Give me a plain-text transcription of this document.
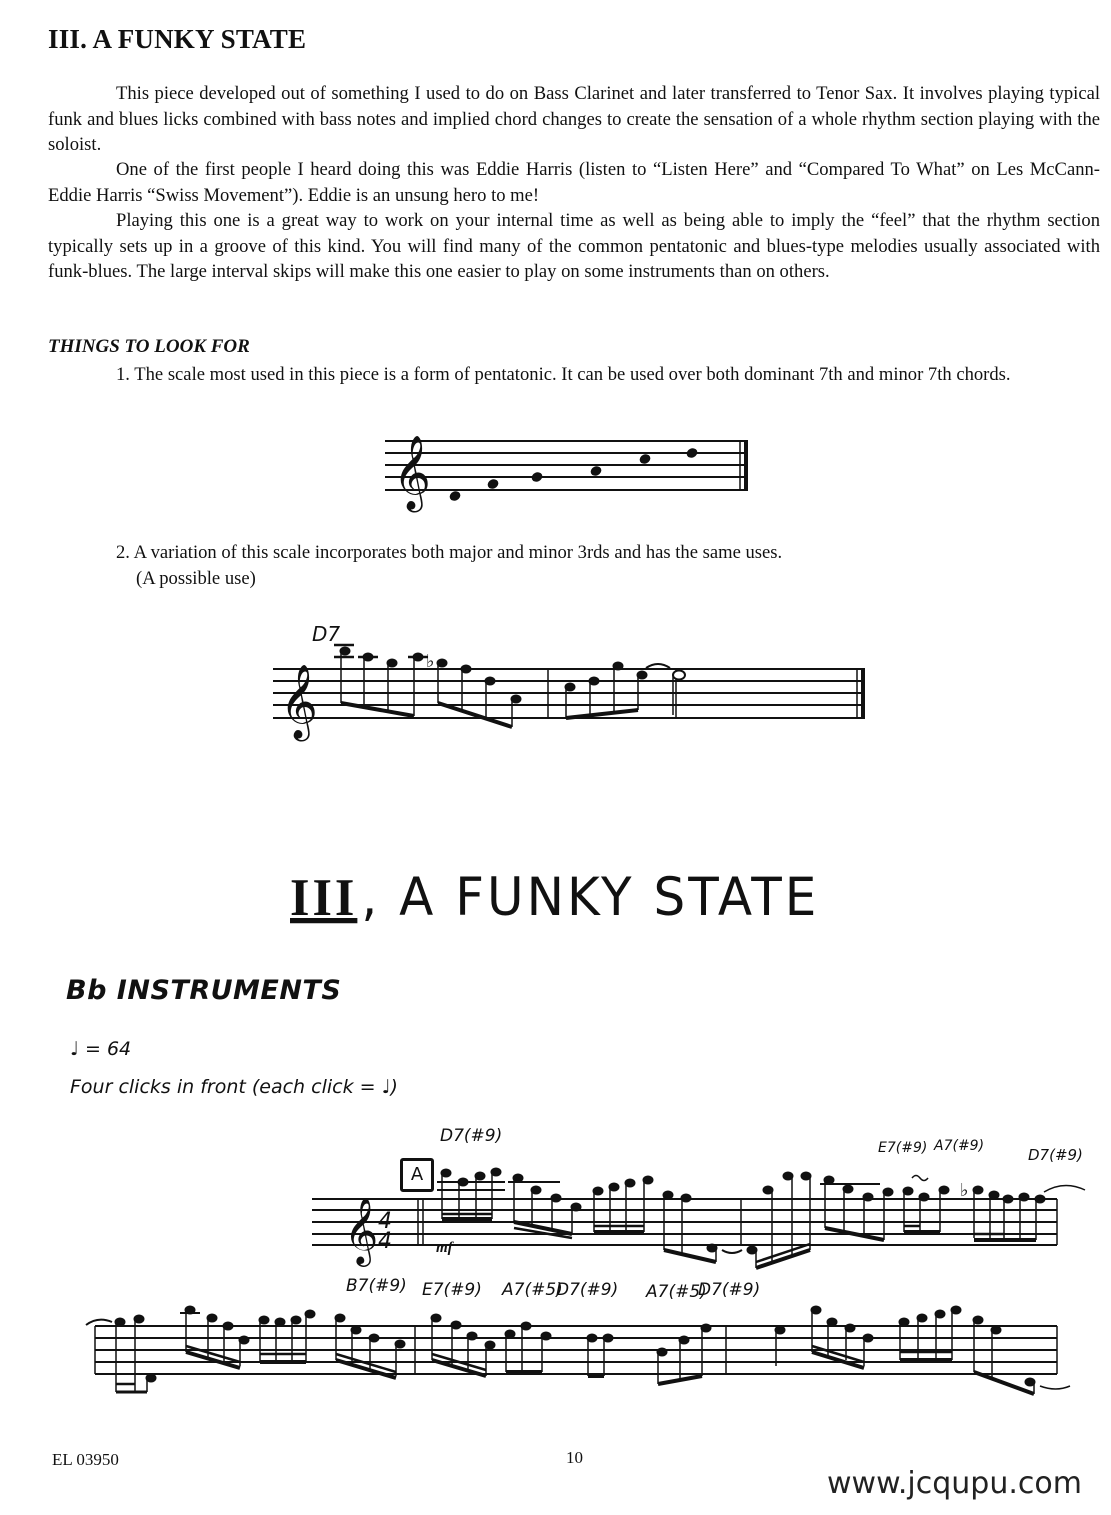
III. A FUNKY STATE
This piece developed out of something I used to do on Bass Clarinet and later transferred to Tenor Sax. It involves playing typical funk and blues licks combined with bass notes and implied chord changes to create the sensation of a whole rhythm section playing with the soloist.
One of the first people I heard doing this was Eddie Harris (listen to “Listen Here” and “Compared To What” on Les McCann-Eddie Harris “Swiss Movement”). Eddie is an unsung hero to me!
Playing this one is a great way to work on your internal time as well as being able to imply the “feel” that the rhythm section typically sets up in a groove of this kind. You will find many of the common pentatonic and blues-type melodies usually associated with funk-blues. The large interval skips will make this one easier to play on some instruments than on others.
THINGS TO LOOK FOR
1. The scale most used in this piece is a form of pentatonic. It can be used over both dominant 7th and minor 7th chords.
2. A variation of this scale incorporates both major and minor 3rds and has the same uses.
(A possible use)
𝄞
𝄞
♭
𝄞 4
4
♭
D7
III, A FUNKY STATE
Bb INSTRUMENTS
♩ = 64
Four clicks in front (each click = ♩)
A
mf
D7(#9)
E7(#9) A7(#9)	D7(#9)
B7(#9) E7(#9) A7(#5)
D7(#9) A7(#5)
D7(#9)
EL 03950	10
www.jcqupu.com
